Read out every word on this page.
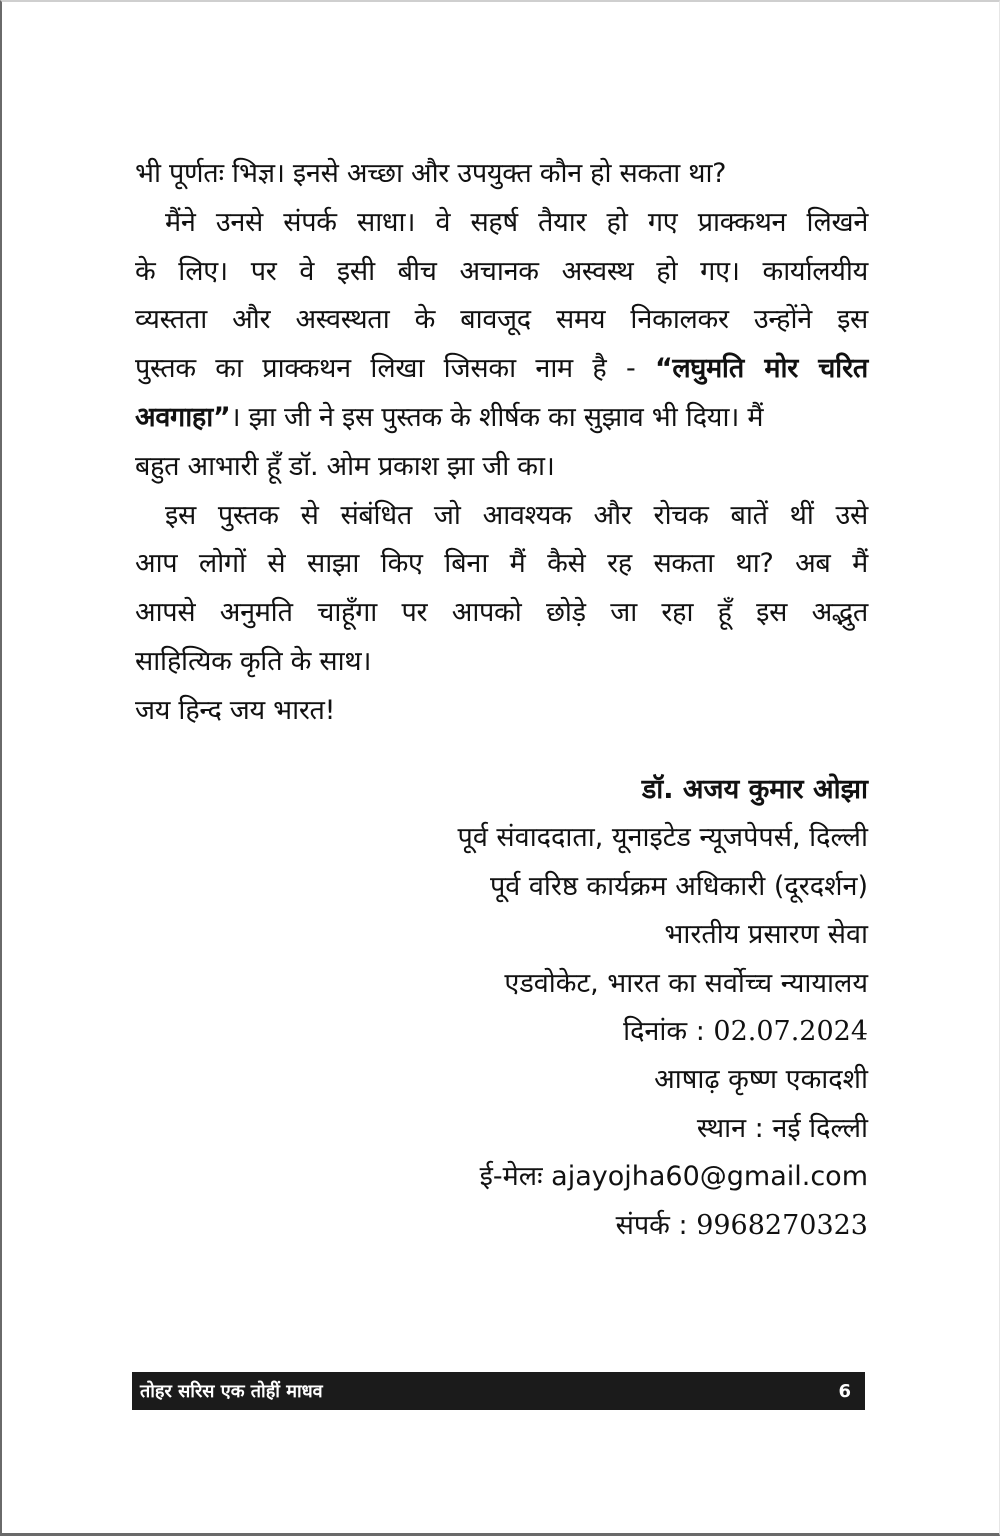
भी पूर्णतः भिज्ञ। इनसे अच्छा और उपयुक्त कौन हो सकता था?
मैंने उनसे संपर्क साधा। वे सहर्ष तैयार हो गए प्राक्कथन लिखने
के लिए। पर वे इसी बीच अचानक अस्वस्थ हो गए। कार्यालयीय
व्यस्तता और अस्वस्थता के बावजूद समय निकालकर उन्होंने इस
पुस्तक का प्राक्कथन लिखा जिसका नाम है - “लघुमति मोर चरित
अवगाहा”। झा जी ने इस पुस्तक के शीर्षक का सुझाव भी दिया। मैं
बहुत आभारी हूँ डॉ. ओम प्रकाश झा जी का।
इस पुस्तक से संबंधित जो आवश्यक और रोचक बातें थीं उसे
आप लोगों से साझा किए बिना मैं कैसे रह सकता था? अब मैं
आपसे अनुमति चाहूँगा पर आपको छोड़े जा रहा हूँ इस अद्भुत
साहित्यिक कृति के साथ।
जय हिन्द जय भारत!
डॉ. अजय कुमार ओझा
पूर्व संवाददाता, यूनाइटेड न्यूजपेपर्स, दिल्ली
पूर्व वरिष्ठ कार्यक्रम अधिकारी (दूरदर्शन)
भारतीय प्रसारण सेवा
एडवोकेट, भारत का सर्वोच्च न्यायालय
दिनांक : 02.07.2024
आषाढ़ कृष्ण एकादशी
स्थान : नई दिल्ली
ई-मेलः ajayojha60@gmail.com
संपर्क : 9968270323
तोहर सरिस एक तोहीं माधव	6
